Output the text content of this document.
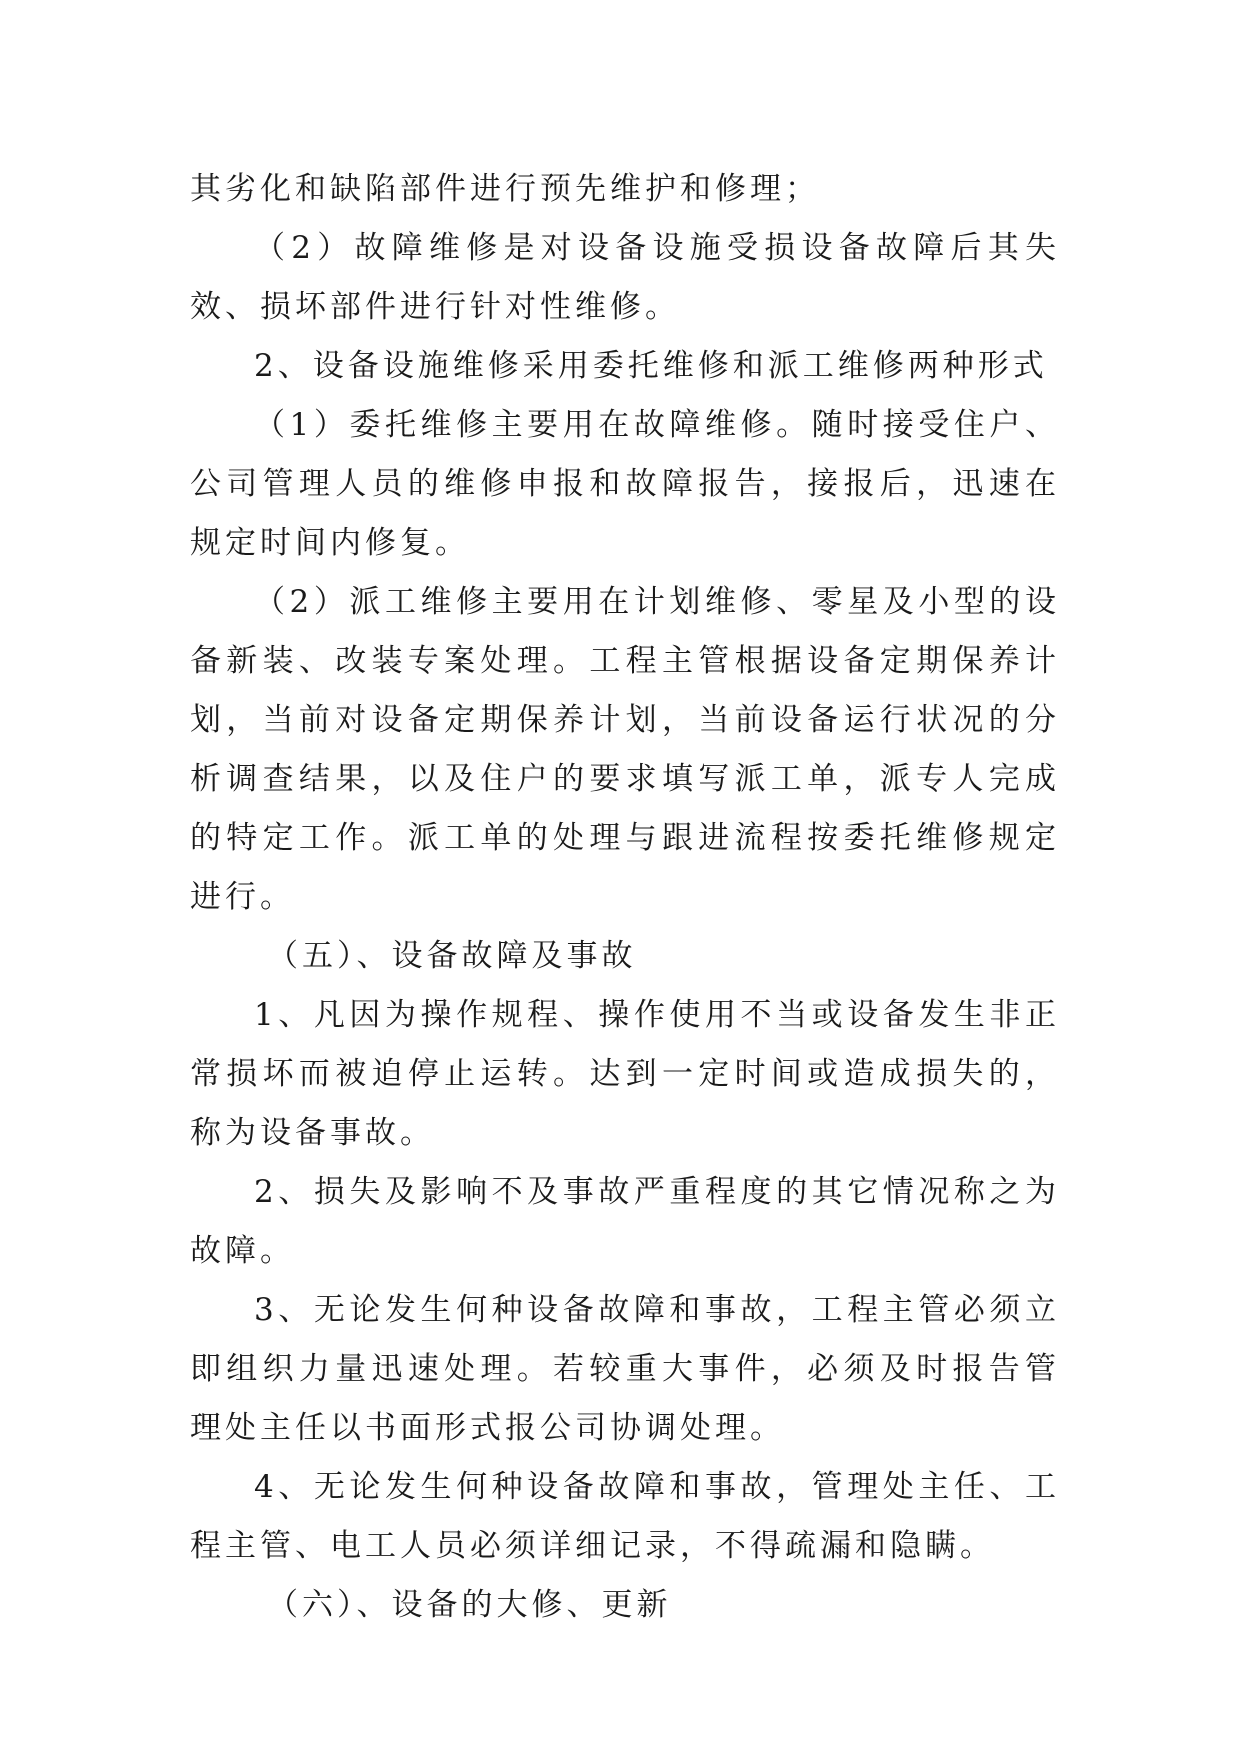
其劣化和缺陷部件进行预先维护和修理；

（2）故障维修是对设备设施受损设备故障后其失效、损坏部件进行针对性维修。

2、设备设施维修采用委托维修和派工维修两种形式

（1）委托维修主要用在故障维修。随时接受住户、公司管理人员的维修申报和故障报告，接报后，迅速在规定时间内修复。

（2）派工维修主要用在计划维修、零星及小型的设备新装、改装专案处理。工程主管根据设备定期保养计划，当前对设备定期保养计划，当前设备运行状况的分析调查结果，以及住户的要求填写派工单，派专人完成的特定工作。派工单的处理与跟进流程按委托维修规定进行。

（五）、设备故障及事故

1、凡因为操作规程、操作使用不当或设备发生非正常损坏而被迫停止运转。达到一定时间或造成损失的，称为设备事故。

2、损失及影响不及事故严重程度的其它情况称之为故障。

3、无论发生何种设备故障和事故，工程主管必须立即组织力量迅速处理。若较重大事件，必须及时报告管理处主任以书面形式报公司协调处理。

4、无论发生何种设备故障和事故，管理处主任、工程主管、电工人员必须详细记录，不得疏漏和隐瞒。

（六）、设备的大修、更新
